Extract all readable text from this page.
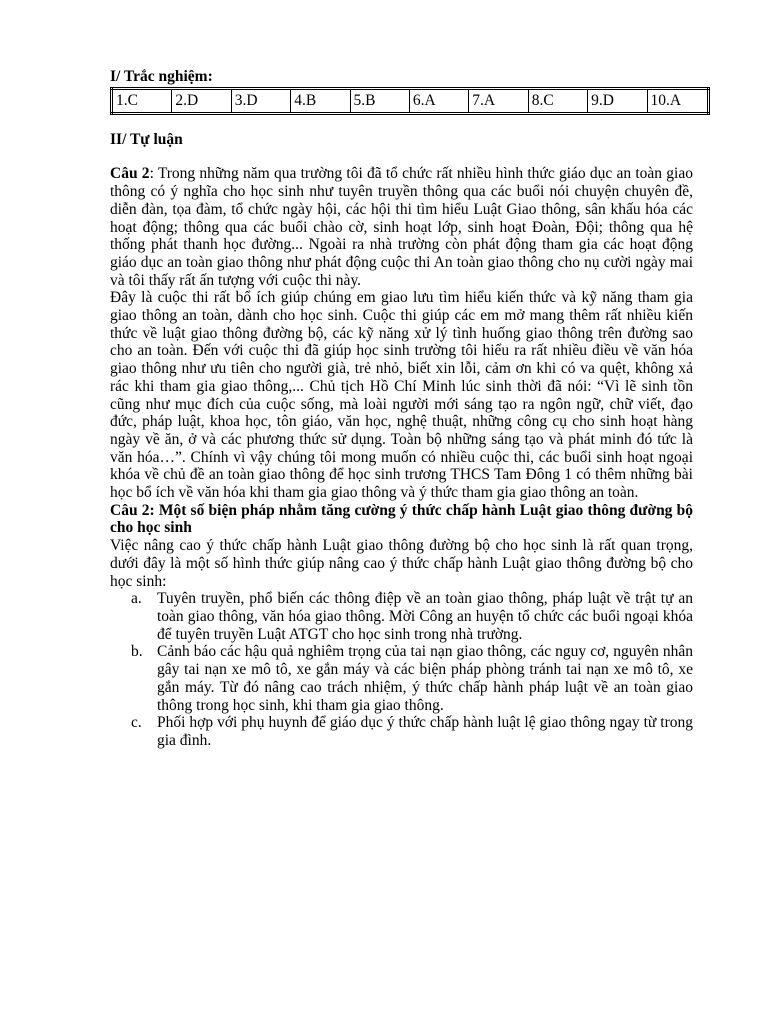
I/ Trắc nghiệm:
1.C	2.D	3.D	4.B	5.B	6.A	7.A	8.C	9.D	10.A
II/ Tự luận

Câu 2: Trong những năm qua trường tôi đã tổ chức rất nhiều hình thức giáo dục an toàn giao thông có ý nghĩa cho học sinh như tuyên truyền thông qua các buổi nói chuyện chuyên đề, diễn đàn, tọa đàm, tổ chức ngày hội, các hội thi tìm hiểu Luật Giao thông, sân khấu hóa các hoạt động; thông qua các buổi chào cờ, sinh hoạt lớp, sinh hoạt Đoàn, Đội; thông qua hệ thống phát thanh học đường... Ngoài ra nhà trường còn phát động tham gia các hoạt động giáo dục an toàn giao thông như phát động cuộc thi An toàn giao thông cho nụ cười ngày mai và tôi thấy rất ấn tượng với cuộc thi này.

Đây là cuộc thi rất bổ ích giúp chúng em giao lưu tìm hiểu kiến thức và kỹ năng tham gia giao thông an toàn, dành cho học sinh. Cuộc thi giúp các em mở mang thêm rất nhiều kiến thức về luật giao thông đường bộ, các kỹ năng xử lý tình huống giao thông trên đường sao cho an toàn. Đến với cuộc thi đã giúp học sinh trường tôi hiểu ra rất nhiều điều về văn hóa giao thông như ưu tiên cho người già, trẻ nhỏ, biết xin lỗi, cảm ơn khi có va quệt, không xả rác khi tham gia giao thông,... Chủ tịch Hồ Chí Minh lúc sinh thời đã nói: “Vì lẽ sinh tồn cũng như mục đích của cuộc sống, mà loài người mới sáng tạo ra ngôn ngữ, chữ viết, đạo đức, pháp luật, khoa học, tôn giáo, văn học, nghệ thuật, những công cụ cho sinh hoạt hàng ngày về ăn, ở và các phương thức sử dụng. Toàn bộ những sáng tạo và phát minh đó tức là văn hóa…”. Chính vì vậy chúng tôi mong muốn có nhiều cuộc thi, các buổi sinh hoạt ngoại khóa về chủ đề an toàn giao thông để học sinh trương THCS Tam Đông 1 có thêm những bài học bổ ích về văn hóa khi tham gia giao thông và ý thức tham gia giao thông an toàn.

Câu 2: Một số biện pháp nhằm tăng cường ý thức chấp hành Luật giao thông đường bộ cho học sinh

Việc nâng cao ý thức chấp hành Luật giao thông đường bộ cho học sinh là rất quan trọng, dưới đây là một số hình thức giúp nâng cao ý thức chấp hành Luật giao thông đường bộ cho học sinh:

a. Tuyên truyền, phổ biến các thông điệp về an toàn giao thông, pháp luật về trật tự an toàn giao thông, văn hóa giao thông. Mời Công an huyện tổ chức các buổi ngoại khóa để tuyên truyền Luật ATGT cho học sinh trong nhà trường.
b. Cảnh báo các hậu quả nghiêm trọng của tai nạn giao thông, các nguy cơ, nguyên nhân gây tai nạn xe mô tô, xe gắn máy và các biện pháp phòng tránh tai nạn xe mô tô, xe gắn máy. Từ đó nâng cao trách nhiệm, ý thức chấp hành pháp luật về an toàn giao thông trong học sinh, khi tham gia giao thông.
c. Phối hợp với phụ huynh để giáo dục ý thức chấp hành luật lệ giao thông ngay từ trong gia đình.
